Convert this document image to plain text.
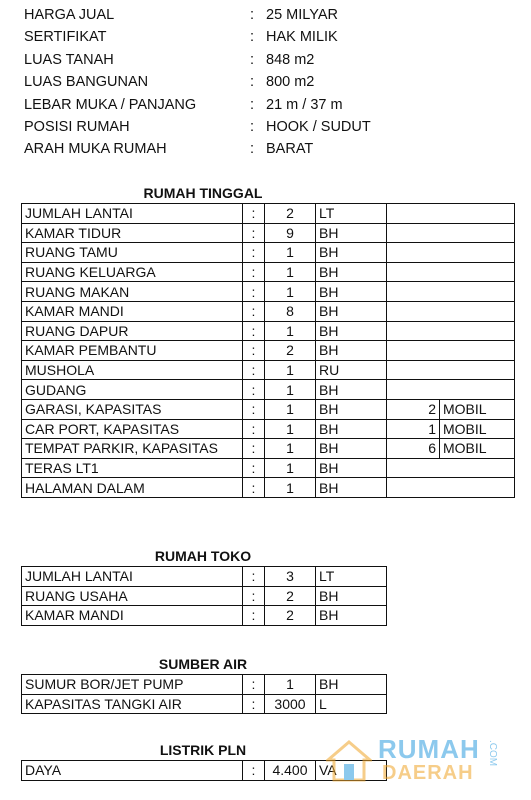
HARGA JUAL	: 25 MILYAR
SERTIFIKAT	: HAK MILIK
LUAS TANAH	: 848 m2
LUAS BANGUNAN	: 800 m2
LEBAR MUKA / PANJANG	: 21 m / 37 m
POSISI RUMAH	: HOOK / SUDUT
ARAH MUKA RUMAH	: BARAT
RUMAH TINGGAL
JUMLAH LANTAI	:	2	LT		
KAMAR TIDUR	:	9	BH		
RUANG TAMU	:	1	BH		
RUANG KELUARGA	:	1	BH		
RUANG MAKAN	:	1	BH		
KAMAR MANDI	:	8	BH		
RUANG DAPUR	:	1	BH		
KAMAR PEMBANTU	:	2	BH		
MUSHOLA	:	1	RU		
GUDANG	:	1	BH		
GARASI, KAPASITAS	:	1	BH	2	MOBIL
CAR PORT, KAPASITAS	:	1	BH	1	MOBIL
TEMPAT PARKIR, KAPASITAS	:	1	BH	6	MOBIL
TERAS LT1	:	1	BH		
HALAMAN DALAM	:	1	BH		
RUMAH TOKO
JUMLAH LANTAI	:	3	LT
RUANG USAHA	:	2	BH
KAMAR MANDI	:	2	BH
SUMBER AIR
SUMUR BOR/JET PUMP	:	1	BH
KAPASITAS TANGKI AIR	:	3000	L
LISTRIK PLN
DAYA	:	4.400	VA
RUMAH
DAERAH
.COM
